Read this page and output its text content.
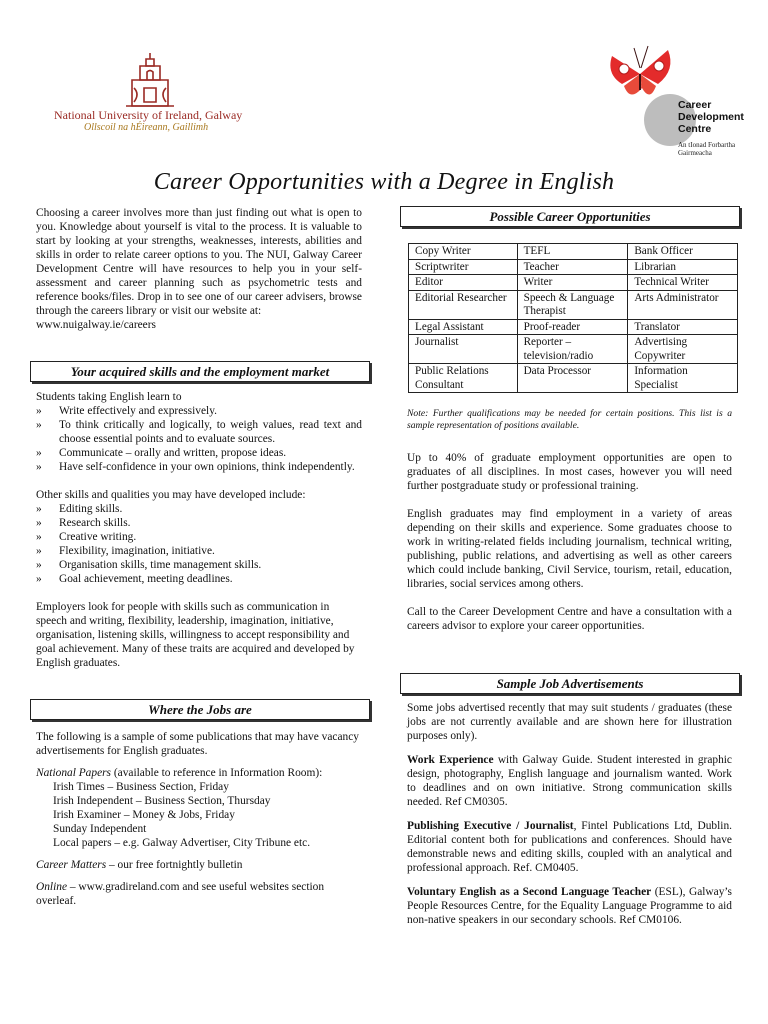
National University of Ireland, Galway
Ollscoil na hÉireann, Gaillimh
Career
Development
Centre
An tIonad Forbartha
Gairmeacha
Career Opportunities with a Degree in English

Choosing a career involves more than just finding out what is open to you. Knowledge about yourself is vital to the process. It is valuable to start by looking at your strengths, weaknesses, interests, abilities and skills in order to relate career options to you. The NUI, Galway Career Development Centre will have resources to help you in your self-assessment and career planning such as psychometric tests and reference books/files. Drop in to see one of our career advisers, browse through the careers library or visit our website at:
www.nuigalway.ie/careers

Your acquired skills and the employment market

Students taking English learn to

» Write effectively and expressively.
» To think critically and logically, to weigh values, read text and choose essential points and to evaluate sources.
» Communicate – orally and written, propose ideas.
» Have self-confidence in your own opinions, think independently.

Other skills and qualities you may have developed include:

» Editing skills.
» Research skills.
» Creative writing.
» Flexibility, imagination, initiative.
» Organisation skills, time management skills.
» Goal achievement, meeting deadlines.

Employers look for people with skills such as communication in speech and writing, flexibility, leadership, imagination, initiative, organisation, listening skills, willingness to accept responsibility and goal achievement. Many of these traits are acquired and developed by English graduates.

Where the Jobs are

The following is a sample of some publications that may have vacancy advertisements for English graduates.

National Papers (available to reference in Information Room):

Irish Times – Business Section, Friday
Irish Independent – Business Section, Thursday
Irish Examiner – Money & Jobs, Friday
Sunday Independent
Local papers – e.g. Galway Advertiser, City Tribune etc.

Career Matters – our free fortnightly bulletin

Online – www.gradireland.com and see useful websites section overleaf.

Possible Career Opportunities
Copy Writer	TEFL	Bank Officer
Scriptwriter	Teacher	Librarian
Editor	Writer	Technical Writer
Editorial Researcher	Speech & Language Therapist	Arts Administrator
Legal Assistant	Proof-reader	Translator
Journalist	Reporter – television/radio	Advertising Copywriter
Public Relations Consultant	Data Processor	Information Specialist

Note: Further qualifications may be needed for certain positions. This list is a sample representation of positions available.

Up to 40% of graduate employment opportunities are open to graduates of all disciplines. In most cases, however you will need further postgraduate study or professional training.

English graduates may find employment in a variety of areas depending on their skills and experience. Some graduates choose to work in writing-related fields including journalism, technical writing, publishing, public relations, and advertising as well as other careers which could include banking, Civil Service, tourism, retail, education, libraries, social services among others.

Call to the Career Development Centre and have a consultation with a careers advisor to explore your career opportunities.

Sample Job Advertisements

Some jobs advertised recently that may suit students / graduates (these jobs are not currently available and are shown here for illustration purposes only).

Work Experience with Galway Guide. Student interested in graphic design, photography, English language and journalism wanted. Work to deadlines and on own initiative. Strong communication skills needed. Ref CM0305.

Publishing Executive / Journalist, Fintel Publications Ltd, Dublin. Editorial content both for publications and conferences. Should have demonstrable news and editing skills, coupled with an analytical and professional approach. Ref. CM0405.

Voluntary English as a Second Language Teacher (ESL), Galway’s People Resources Centre, for the Equality Language Programme to aid non-native speakers in our secondary schools. Ref CM0106.
